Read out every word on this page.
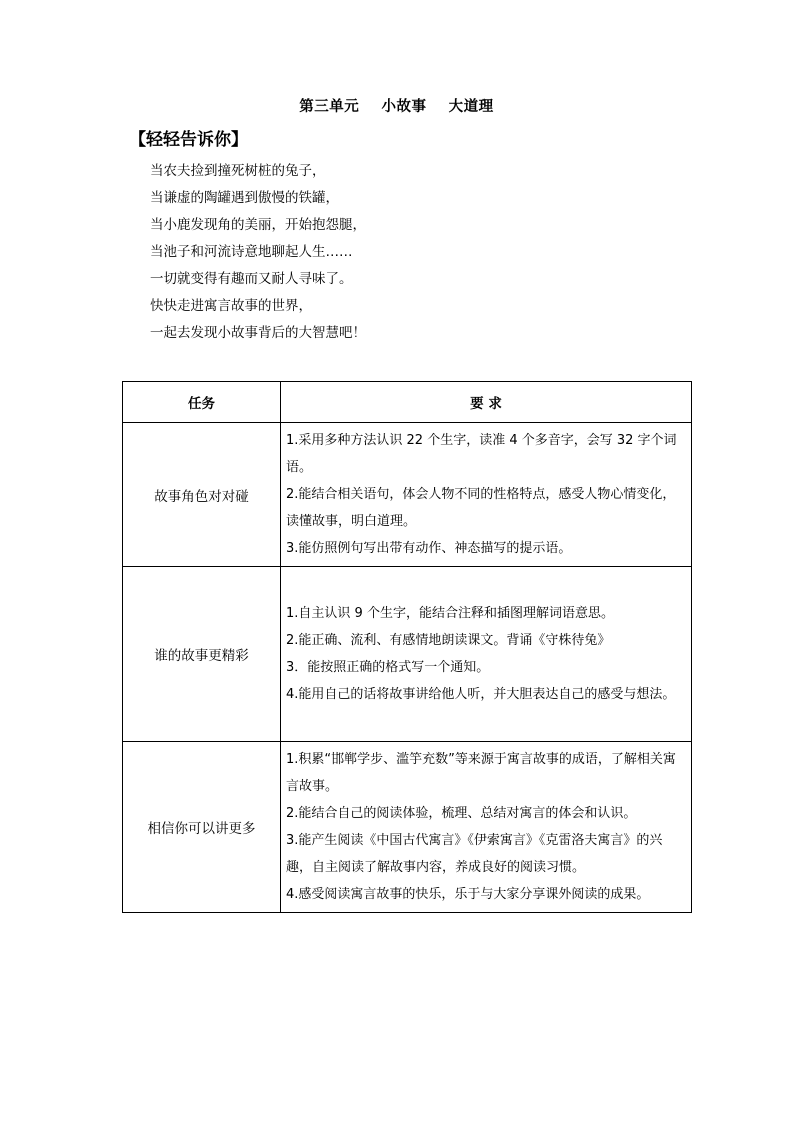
第三单元    小故事    大道理
【轻轻告诉你】
当农夫捡到撞死树桩的兔子，
当谦虚的陶罐遇到傲慢的铁罐，
当小鹿发现角的美丽，开始抱怨腿，
当池子和河流诗意地聊起人生……
一切就变得有趣而又耐人寻味了。
快快走进寓言故事的世界，
一起去发现小故事背后的大智慧吧！
任务	要 求
故事角色对对碰	1.采用多种方法认识 22 个生字，读准 4 个多音字，会写 32 字个词语。
2.能结合相关语句，体会人物不同的性格特点，感受人物心情变化，读懂故事，明白道理。
3.能仿照例句写出带有动作、神态描写的提示语。

谁的故事更精彩	1.自主认识 9 个生字，能结合注释和插图理解词语意思。
2.能正确、流利、有感情地朗读课文。背诵《守株待兔》
3．能按照正确的格式写一个通知。
4.能用自己的话将故事讲给他人听，并大胆表达自己的感受与想法。

相信你可以讲更多	1.积累“邯郸学步、滥竽充数”等来源于寓言故事的成语，了解相关寓言故事。
2.能结合自己的阅读体验，梳理、总结对寓言的体会和认识。
3.能产生阅读《中国古代寓言》《伊索寓言》《克雷洛夫寓言》的兴趣，自主阅读了解故事内容，养成良好的阅读习惯。
4.感受阅读寓言故事的快乐，乐于与大家分享课外阅读的成果。
